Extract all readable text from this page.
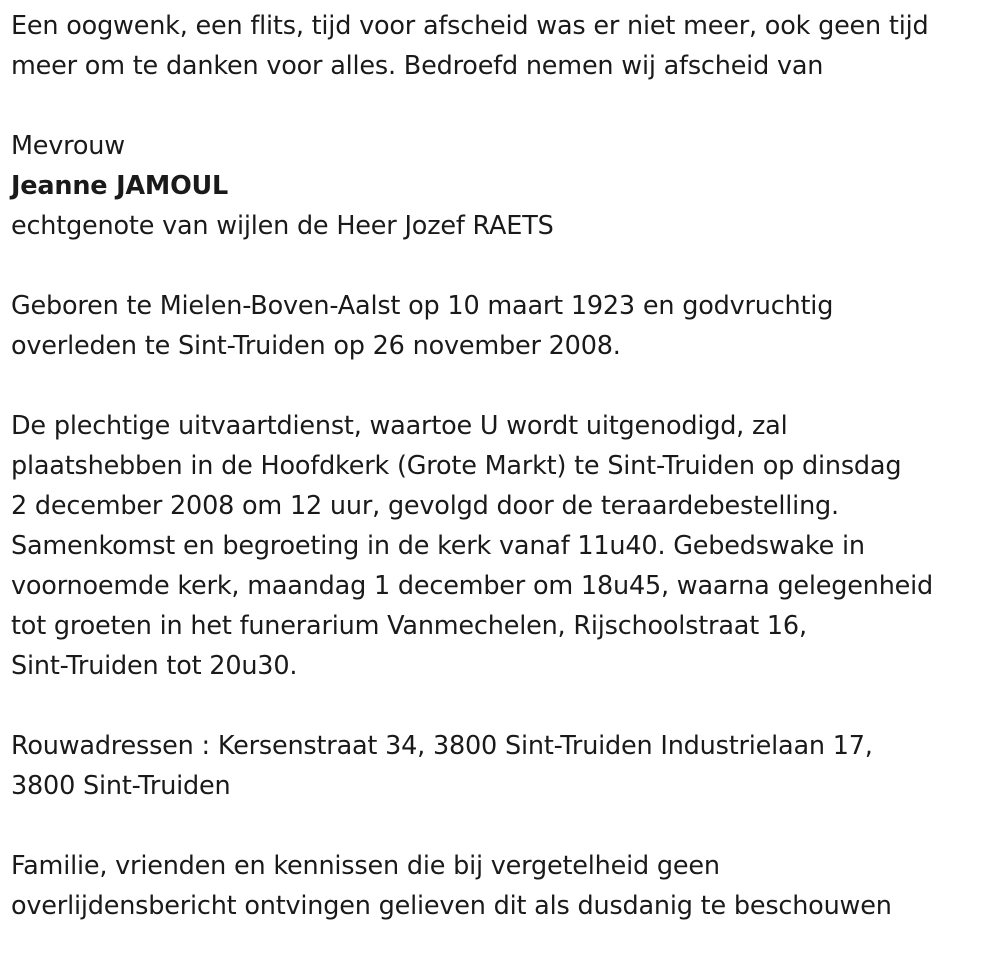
Een oogwenk, een flits, tijd voor afscheid was er niet meer, ook geen tijd
meer om te danken voor alles. Bedroefd nemen wij afscheid van
Mevrouw
Jeanne JAMOUL
echtgenote van wijlen de Heer Jozef RAETS
Geboren te Mielen-Boven-Aalst op 10 maart 1923 en godvruchtig
overleden te Sint-Truiden op 26 november 2008.
De plechtige uitvaartdienst, waartoe U wordt uitgenodigd, zal
plaatshebben in de Hoofdkerk (Grote Markt) te Sint-Truiden op dinsdag
2 december 2008 om 12 uur, gevolgd door de teraardebestelling.
Samenkomst en begroeting in de kerk vanaf 11u40. Gebedswake in
voornoemde kerk, maandag 1 december om 18u45, waarna gelegenheid
tot groeten in het funerarium Vanmechelen, Rijschoolstraat 16,
Sint-Truiden tot 20u30.
Rouwadressen : Kersenstraat 34, 3800 Sint-Truiden Industrielaan 17,
3800 Sint-Truiden
Familie, vrienden en kennissen die bij vergetelheid geen
overlijdensbericht ontvingen gelieven dit als dusdanig te beschouwen
